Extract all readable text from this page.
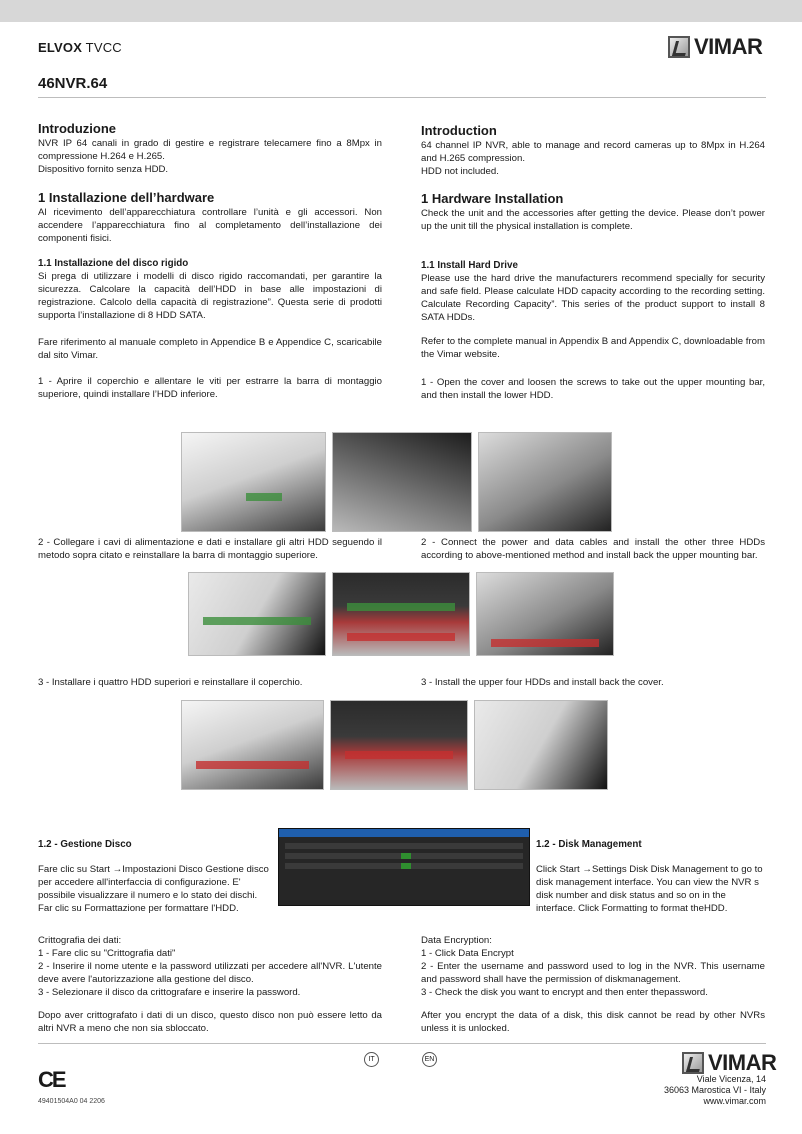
ELVOX TVCC	VIMAR
46NVR.64
Introduzione

NVR IP 64 canali in grado di gestire e registrare telecamere fino a 8Mpx in compressione H.264 e H.265.

Dispositivo fornito senza HDD.

1 Installazione dell’hardware

Al ricevimento dell’apparecchiatura controllare l’unità e gli accessori. Non accendere l’apparecchiatura fino al completamento dell’installazione dei componenti fisici.

1.1 Installazione del disco rigido

Si prega di utilizzare i modelli di disco rigido raccomandati, per garantire la sicurezza. Calcolare la capacità dell’HDD in base alle impostazioni di registrazione. Calcolo della capacità di registrazione”. Questa serie di prodotti supporta l’installazione di 8 HDD SATA.

Fare riferimento al manuale completo in Appendice B e Appendice C, scaricabile dal sito Vimar.

1 - Aprire il coperchio e allentare le viti per estrarre la barra di montaggio superiore, quindi installare l’HDD inferiore.

Introduction

64 channel IP NVR, able to manage and record cameras up to 8Mpx in H.264 and H.265 compression.

HDD not included.

1 Hardware Installation

Check the unit and the accessories after getting the device. Please don’t power up the unit till the physical installation is complete.

1.1 Install Hard Drive

Please use the hard drive the manufacturers recommend specially for security and safe field. Please calculate HDD capacity according to the recording setting. Calculate Recording Capacity”. This series of the product support to install 8 SATA HDDs.

Refer to the complete manual in Appendix B and Appendix C, downloadable from the Vimar website.

1 - Open the cover and loosen the screws to take out the upper mounting bar, and then install the lower HDD.

2 - Collegare i cavi di alimentazione e dati e installare gli altri HDD seguendo il metodo sopra citato e reinstallare la barra di montaggio superiore.

2 - Connect the power and data cables and install the other three HDDs according to above-mentioned method and install back the upper mounting bar.

3 - Installare i quattro HDD superiori e reinstallare il coperchio.	3 - Install the upper four HDDs and install back the cover.

1.2 - Gestione Disco

Fare clic su Start →Impostazioni Disco Gestione disco per accedere all'interfaccia di configurazione. E' possibile visualizzare il numero e lo stato dei dischi. Far clic su Formattazione per formattare l'HDD.

1.2 - Disk Management

Click Start →Settings Disk Disk Management to go to disk management interface. You can view the NVR s disk number and disk status and so on in the interface. Click Formatting to format theHDD.

Crittografia dei dati:

1 - Fare clic su "Crittografia dati"

2 - Inserire il nome utente e la password utilizzati per accedere all'NVR. L'utente deve avere l'autorizzazione alla gestione del disco.

3 - Selezionare il disco da crittografare e inserire la password.

Dopo aver crittografato i dati di un disco, questo disco non può essere letto da altri NVR a meno che non sia sbloccato.

Data Encryption:

1 - Click Data Encrypt

2 - Enter the username and password used to log in the NVR. This username and password shall have the permission of diskmanagement.

3 - Check the disk you want to encrypt and then enter thepassword.

After you encrypt the data of a disk, this disk cannot be read by other NVRs unless it is unlocked.

IT	EN
CE
49401504A0 04 2206
VIMAR
Viale Vicenza, 14
36063 Marostica VI - Italy
www.vimar.com
